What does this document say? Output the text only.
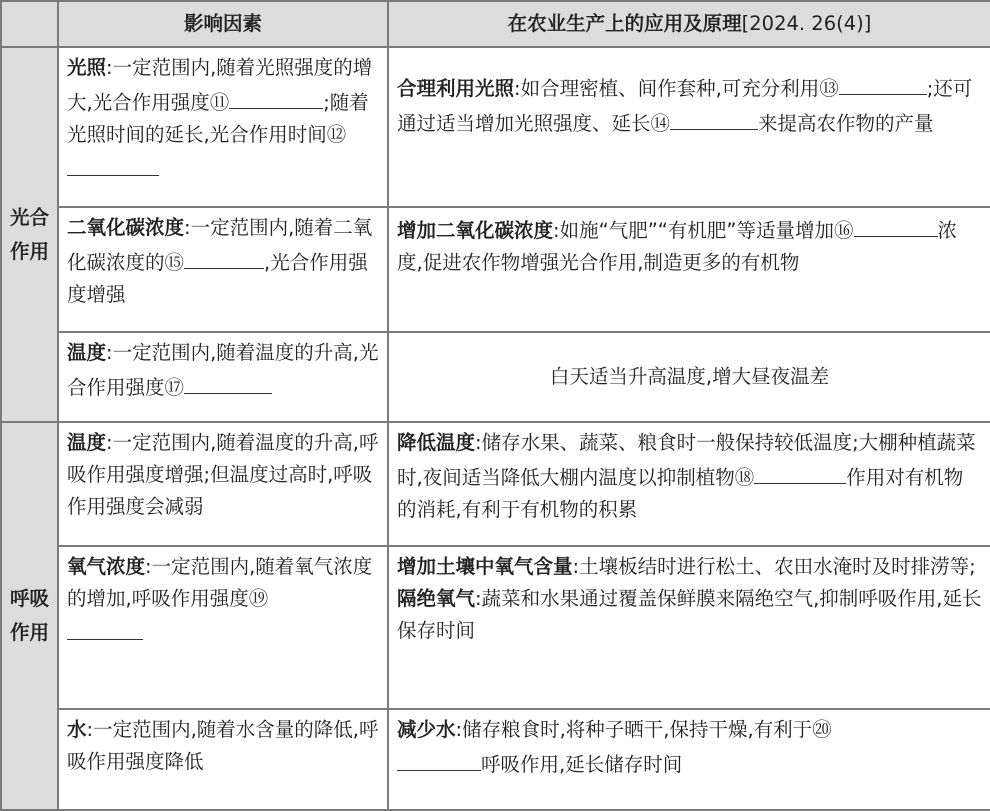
	影响因素	在农业生产上的应用及原理[2024. 26(4)]

光合作用	光照:一定范围内,随着光照强度的增大,光合作用强度⑪ ;随着光照时间的延长,光合作用时间⑫	合理利用光照:如合理密植、间作套种,可充分利用⑬ ;还可通过适当增加光照强度、延长⑭ 来提高农作物的产量
	二氧化碳浓度:一定范围内,随着二氧化碳浓度的⑮ ,光合作用强度增强	增加二氧化碳浓度:如施“气肥”“有机肥”等适量增加⑯ 浓度,促进农作物增强光合作用,制造更多的有机物
	温度:一定范围内,随着温度的升高,光合作用强度⑰	白天适当升高温度,增大昼夜温差

呼吸作用	温度:一定范围内,随着温度的升高,呼吸作用强度增强;但温度过高时,呼吸作用强度会减弱	降低温度:储存水果、蔬菜、粮食时一般保持较低温度;大棚种植蔬菜时,夜间适当降低大棚内温度以抑制植物⑱ 作用对有机物的消耗,有利于有机物的积累
	氧气浓度:一定范围内,随着氧气浓度的增加,呼吸作用强度⑲	增加土壤中氧气含量:土壤板结时进行松土、农田水淹时及时排涝等;
隔绝氧气:蔬菜和水果通过覆盖保鲜膜来隔绝空气,抑制呼吸作用,延长保存时间
	水:一定范围内,随着水含量的降低,呼吸作用强度降低	减少水:储存粮食时,将种子晒干,保持干燥,有利于⑳
呼吸作用,延长储存时间
